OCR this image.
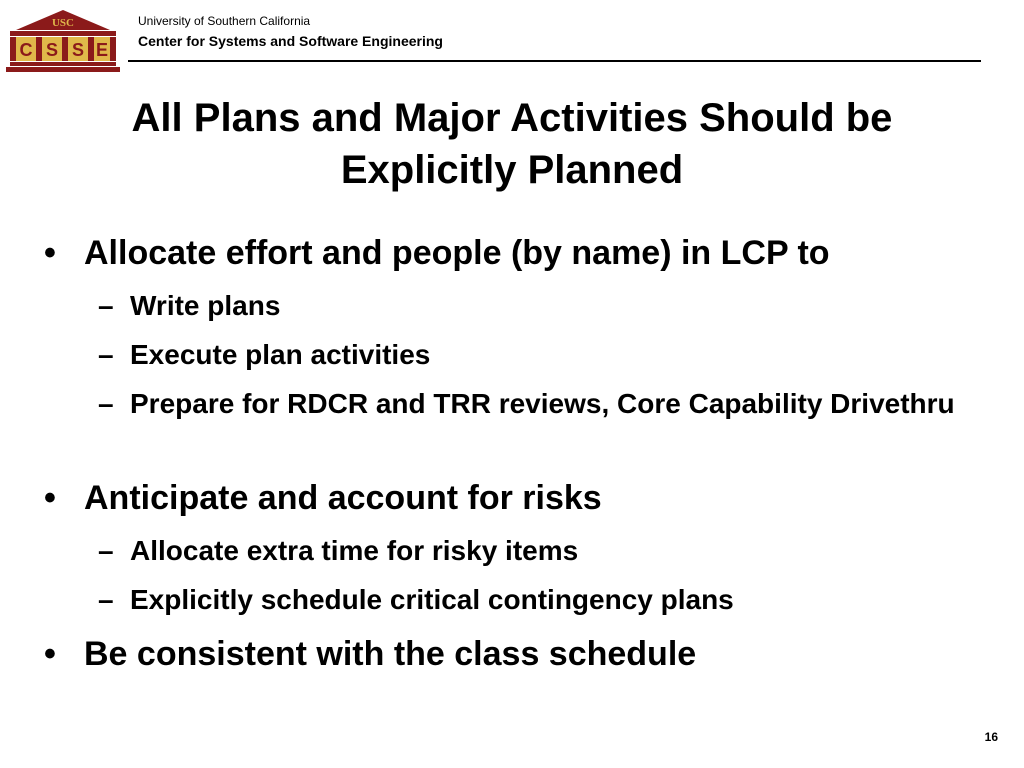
USC
C S S E
University of Southern California
Center for Systems and Software Engineering
All Plans and Major Activities Should be
Explicitly Planned
• Allocate effort and people (by name) in LCP to
– Write plans
– Execute plan activities
– Prepare for RDCR and TRR reviews, Core Capability Drivethru
• Anticipate and account for risks
– Allocate extra time for risky items
– Explicitly schedule critical contingency plans
• Be consistent with the class schedule
16
